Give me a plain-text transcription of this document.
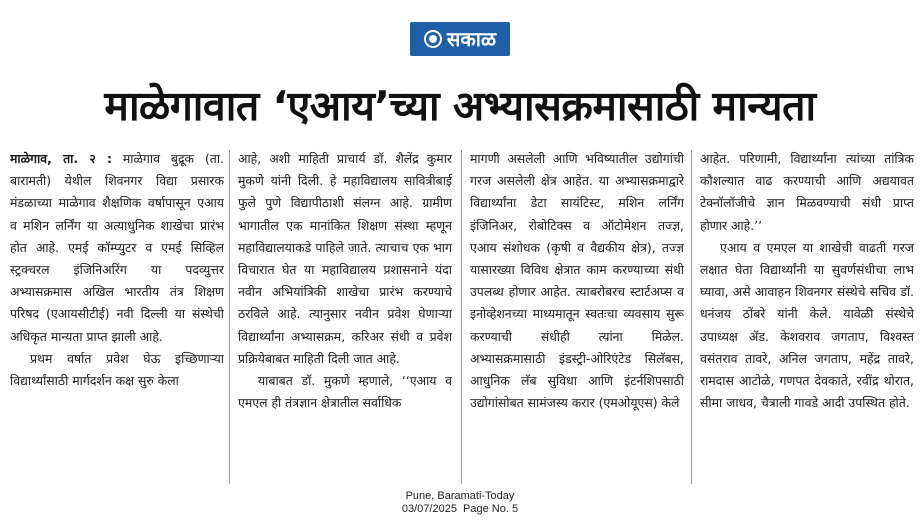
सकाळ
माळेगावात ‘एआय’च्या अभ्यासक्रमासाठी मान्यता

माळेगाव, ता. २ : माळेगाव बुद्रूक (ता. बारामती) येथील शिवनगर विद्या प्रसारक मंडळाच्या माळेगाव शैक्षणिक वर्षापासून एआय व मशिन लर्निंग या अत्याधुनिक शाखेचा प्रारंभ होत आहे. एमई कॉम्प्युटर व एमई सिव्हिल स्ट्रक्चरल इंजिनिअरिंग या पदव्युत्तर अभ्यासक्रमास अखिल भारतीय तंत्र शिक्षण परिषद (एआयसीटीई) नवी दिल्ली या संस्थेची अधिकृत मान्यता प्राप्त झाली आहे.

प्रथम वर्षात प्रवेश घेऊ इच्छिणाऱ्या विद्यार्थ्यांसाठी मार्गदर्शन कक्ष सुरु केला

आहे, अशी माहिती प्राचार्य डॉ. शैलेंद्र कुमार मुकणे यांनी दिली. हे महाविद्यालय सावित्रीबाई फुले पुणे विद्यापीठाशी संलग्न आहे. ग्रामीण भागातील एक मानांकित शिक्षण संस्था म्हणून महाविद्यालयाकडे पाहिले जाते. त्याचाच एक भाग विचारात घेत या महाविद्यालय प्रशासनाने यंदा नवीन अभियांत्रिकी शाखेचा प्रारंभ करण्याचे ठरविले आहे. त्यानुसार नवीन प्रवेश घेणाऱ्या विद्यार्थ्यांना अभ्यासक्रम, करिअर संधी व प्रवेश प्रक्रियेबाबत माहिती दिली जात आहे.

याबाबत डॉ. मुकणे म्हणाले, ‘‘एआय व एमएल ही तंत्रज्ञान क्षेत्रातील सर्वाधिक

मागणी असलेली आणि भविष्यातील उद्योगांची गरज असलेली क्षेत्र आहेत. या अभ्यासक्रमाद्वारे विद्यार्थ्यांना डेटा सायंटिस्ट, मशिन लर्निंग इंजिनिअर, रोबोटिक्स व ऑटोमेशन तज्ज्ञ, एआय संशोधक (कृषी व वैद्यकीय क्षेत्र), तज्ज्ञ यासारख्या विविध क्षेत्रात काम करण्याच्या संधी उपलब्ध होणार आहेत. त्याबरोबरच स्टार्टअप्स व इनोव्हेशनच्या माध्यमातून स्वतःचा व्यवसाय सुरू करण्याची संधीही त्यांना मिळेल. अभ्यासक्रमासाठी इंडस्ट्री-ओरिएंटेड सिलॅबस, आधुनिक लॅब सुविधा आणि इंटर्नशिपसाठी उद्योगांसोबत सामंजस्य करार (एमओयूएस) केले

आहेत. परिणामी, विद्यार्थ्यांना त्यांच्या तांत्रिक कौशल्यात वाढ करण्याची आणि अद्ययावत टेक्नॉलॉजीचे ज्ञान मिळवण्याची संधी प्राप्त होणार आहे.’’

एआय व एमएल या शाखेची वाढती गरज लक्षात घेता विद्यार्थ्यांनी या सुवर्णसंधीचा लाभ घ्यावा, असे आवाहन शिवनगर संस्थेचे सचिव डॉ. धनंजय ठोंबरे यांनी केले. यावेळी संस्थेचे उपाध्यक्ष ॲड. केशवराव जगताप, विश्वस्त वसंतराव तावरे, अनिल जगताप, महेंद्र तावरे, रामदास आटोळे, गणपत देवकाते, रवींद्र थोरात, सीमा जाधव, चैत्राली गावडे आदी उपस्थित होते.

Pune, Baramati-Today
03/07/2025  Page No. 5
